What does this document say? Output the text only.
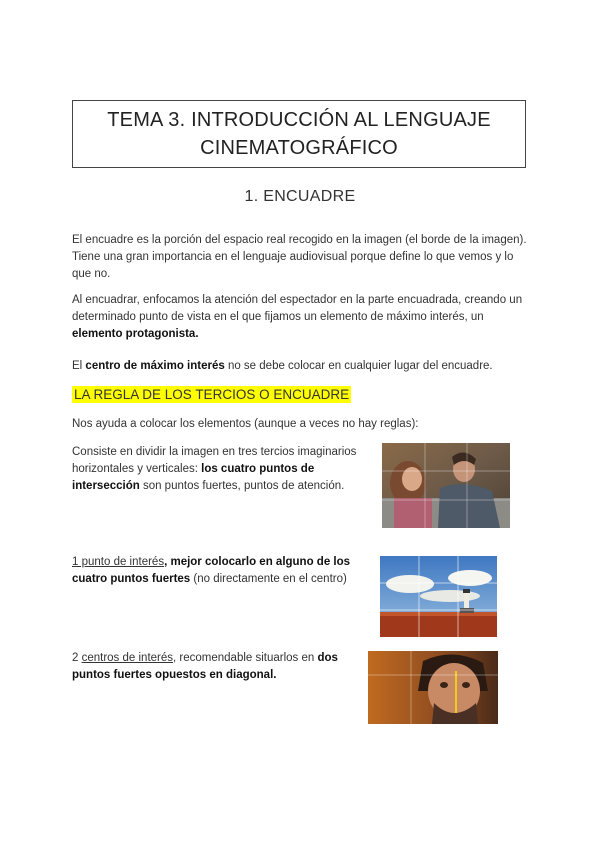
TEMA 3. INTRODUCCIÓN AL LENGUAJE
CINEMATOGRÁFICO
1. ENCUADRE
El encuadre es la porción del espacio real recogido en la imagen (el borde de la imagen). Tiene una gran importancia en el lenguaje audiovisual porque define lo que vemos y lo que no.
Al encuadrar, enfocamos la atención del espectador en la parte encuadrada, creando un determinado punto de vista en el que fijamos un elemento de máximo interés, un elemento protagonista.
El centro de máximo interés no se debe colocar en cualquier lugar del encuadre.
LA REGLA DE LOS TERCIOS O ENCUADRE
Nos ayuda a colocar los elementos (aunque a veces no hay reglas):
Consiste en dividir la imagen en tres tercios imaginarios horizontales y verticales: los cuatro puntos de intersección son puntos fuertes, puntos de atención.
1 punto de interés, mejor colocarlo en alguno de los cuatro puntos fuertes (no directamente en el centro)
2 centros de interés, recomendable situarlos en dos puntos fuertes opuestos en diagonal.
